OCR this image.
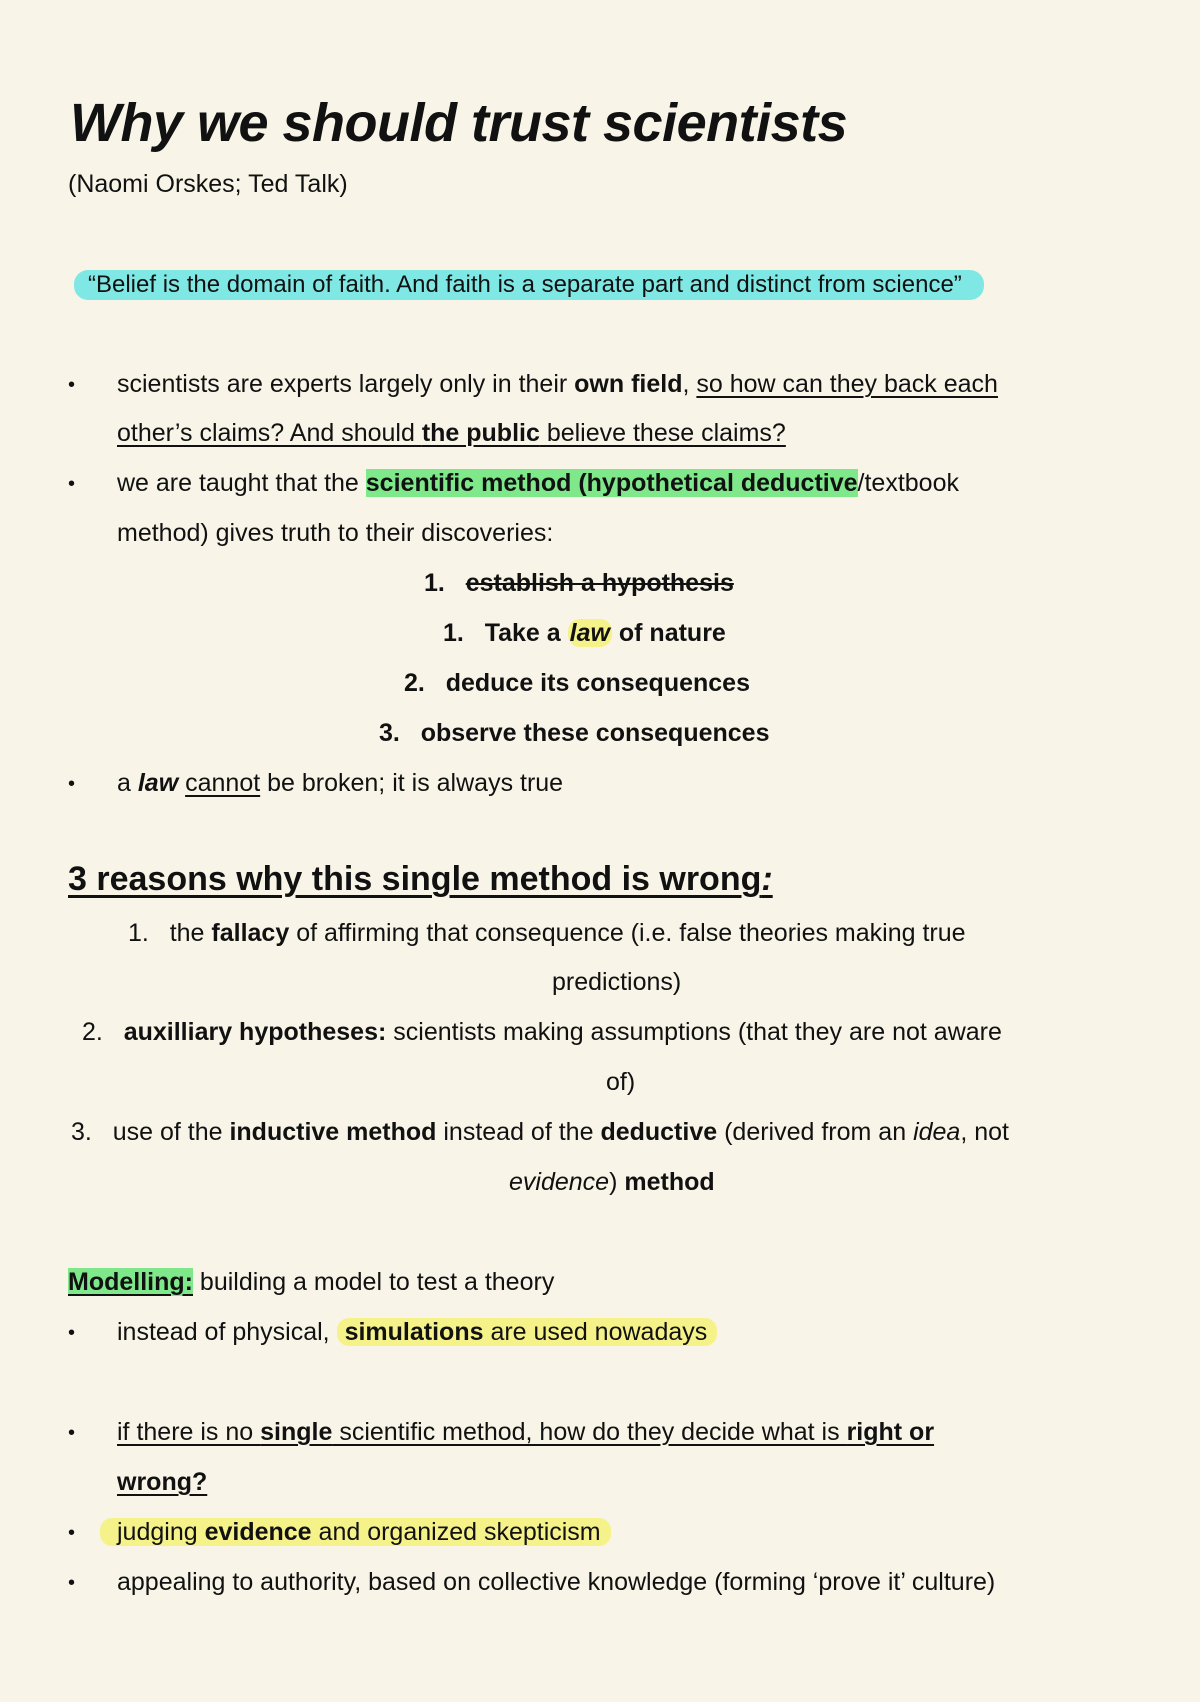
Why we should trust scientists
(Naomi Orskes; Ted Talk)
“Belief is the domain of faith. And faith is a separate part and distinct from science”
• scientists are experts largely only in their own field, so how can they back each
other’s claims? And should the public believe these claims?
• we are taught that the scientific method (hypothetical deductive/textbook
method) gives truth to their discoveries:
1. establish a hypothesis
1. Take a law of nature
2. deduce its consequences
3. observe these consequences
• a law cannot be broken; it is always true
3 reasons why this single method is wrong:
1. the fallacy of affirming that consequence (i.e. false theories making true
predictions)
2. auxilliary hypotheses: scientists making assumptions (that they are not aware
of)
3. use of the inductive method instead of the deductive (derived from an idea, not
evidence) method
Modelling: building a model to test a theory
• instead of physical, simulations are used nowadays
• if there is no single scientific method, how do they decide what is right or
wrong?
•	judging evidence and organized skepticism
• appealing to authority, based on collective knowledge (forming ‘prove it’ culture)
